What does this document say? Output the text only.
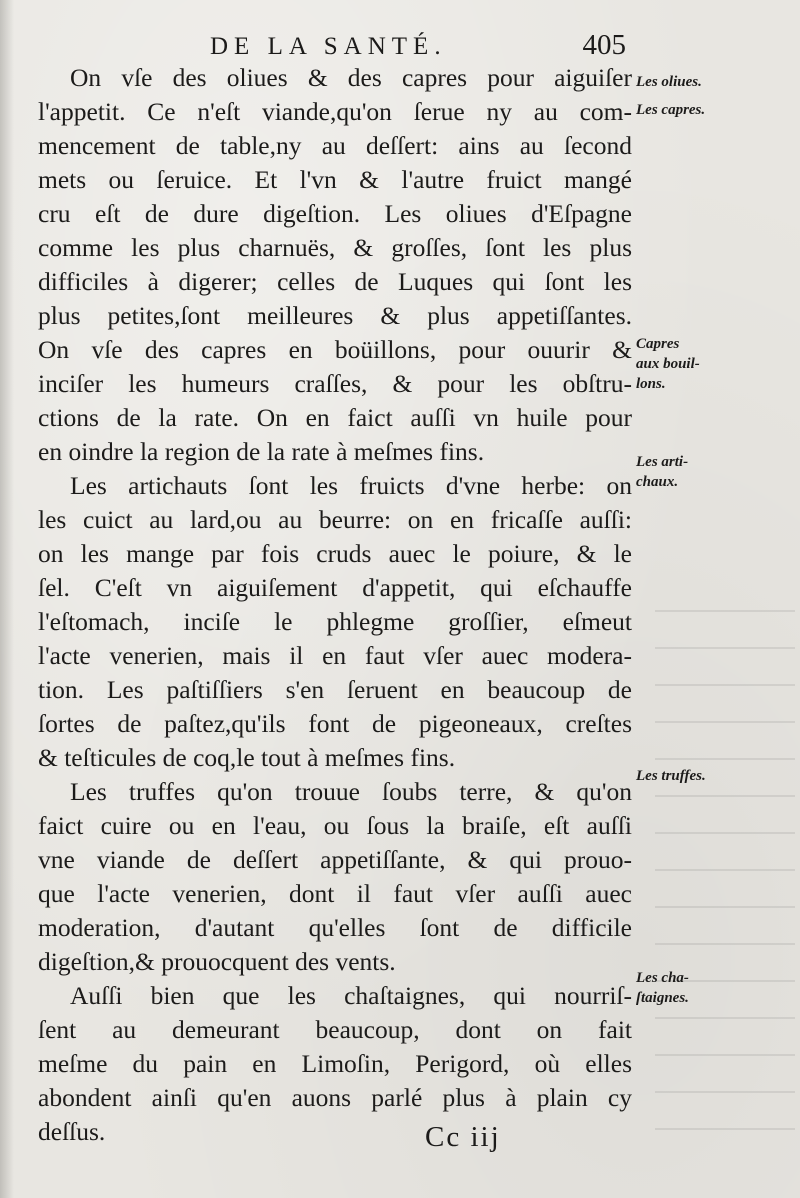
DE LA SANTÉ.	405
On vſe des oliues & des capres pour aiguiſer
l'appetit. Ce n'eſt viande,qu'on ſerue ny au com-
mencement de table,ny au deſſert: ains au ſecond
mets ou ſeruice. Et l'vn & l'autre fruict mangé
cru eſt de dure digeſtion. Les oliues d'Eſpagne
comme les plus charnuës, & groſſes, ſont les plus
difficiles à digerer; celles de Luques qui ſont les
plus petites,ſont meilleures & plus appetiſſantes.
On vſe des capres en boüillons, pour ouurir &
inciſer les humeurs craſſes, & pour les obſtru-
ctions de la rate. On en faict auſſi vn huile pour
en oindre la region de la rate à meſmes fins.
Les artichauts ſont les fruicts d'vne herbe: on
les cuict au lard,ou au beurre: on en fricaſſe auſſi:
on les mange par fois cruds auec le poiure, & le
ſel. C'eſt vn aiguiſement d'appetit, qui eſchauffe
l'eſtomach, inciſe le phlegme groſſier, eſmeut
l'acte venerien, mais il en faut vſer auec modera-
tion. Les paſtiſſiers s'en ſeruent en beaucoup de
ſortes de paſtez,qu'ils font de pigeoneaux, creſtes
& teſticules de coq,le tout à meſmes fins.
Les truffes qu'on trouue ſoubs terre, & qu'on
faict cuire ou en l'eau, ou ſous la braiſe, eſt auſſi
vne viande de deſſert appetiſſante, & qui prouo-
que l'acte venerien, dont il faut vſer auſſi auec
moderation, d'autant qu'elles ſont de difficile
digeſtion,& prouocquent des vents.
Auſſi bien que les chaſtaignes, qui nourriſ-
ſent au demeurant beaucoup, dont on fait
meſme du pain en Limoſin, Perigord, où elles
abondent ainſi qu'en auons parlé plus à plain cy
deſſus.
Les oliues.
Les capres.
Capres
aux bouil-
lons.
Les arti-
chaux.
Les truffes.
Les cha-
ſtaignes.
Cc iij
